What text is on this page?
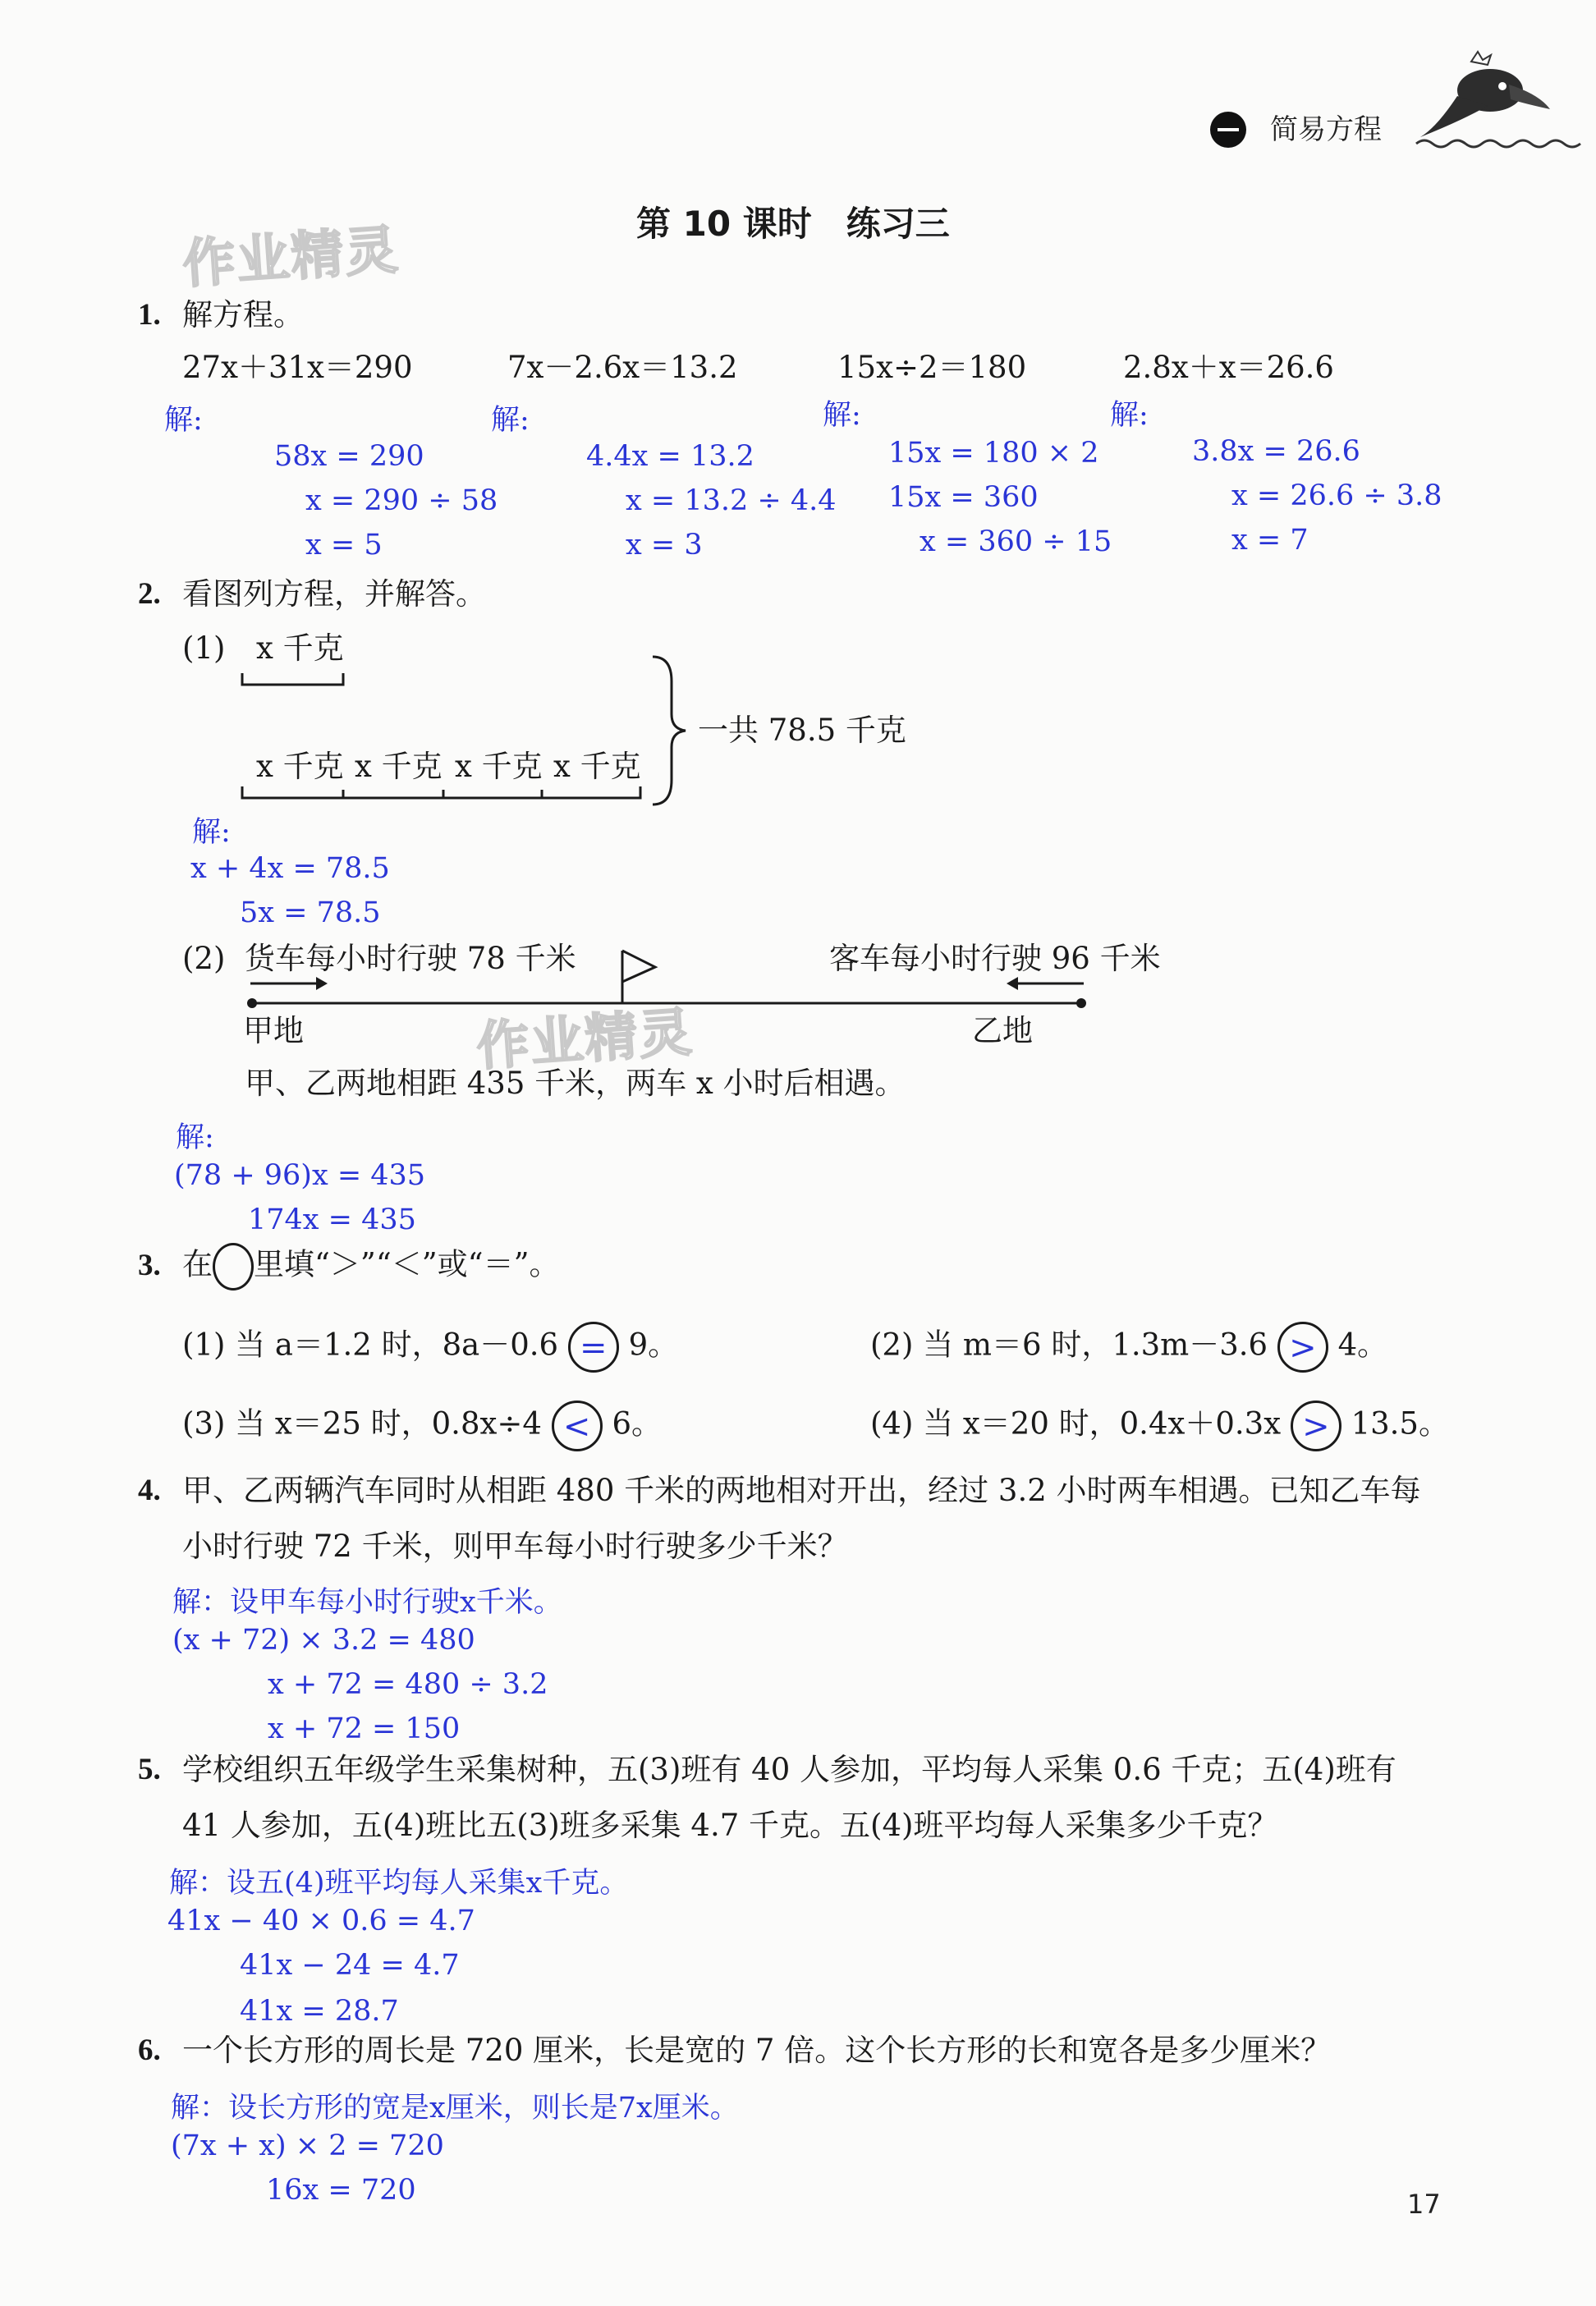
简易方程
作业精灵
作业精灵
第 10 课时　练习三
1. 解方程。
27x＋31x＝290	7x－2.6x＝13.2	15x÷2＝180	2.8x＋x＝26.6
解:
58x = 290
x = 290 ÷ 58
x = 5
解:
4.4x = 13.2
x = 13.2 ÷ 4.4
x = 3
解:
15x = 180 × 2
15x = 360
x = 360 ÷ 15
解:
3.8x = 26.6
x = 26.6 ÷ 3.8
x = 7
2. 看图列方程，并解答。
(1) x 千克
x 千克 x 千克 x 千克 x 千克
一共 78.5 千克
解:
x + 4x = 78.5
5x = 78.5
(2) 货车每小时行驶 78 千米	客车每小时行驶 96 千米
甲地	乙地
甲、乙两地相距 435 千米，两车 x 小时后相遇。
解:
(78 + 96)x = 435
174x = 435
3. 在 里填“＞”“＜”或“＝”。
(1) 当 a＝1.2 时，8a－0.6 = 9。	(2) 当 m＝6 时，1.3m－3.6 > 4。
(3) 当 x＝25 时，0.8x÷4 < 6。	(4) 当 x＝20 时，0.4x＋0.3x > 13.5。
4. 甲、乙两辆汽车同时从相距 480 千米的两地相对开出，经过 3.2 小时两车相遇。已知乙车每
小时行驶 72 千米，则甲车每小时行驶多少千米？
解：设甲车每小时行驶x千米。
(x + 72) × 3.2 = 480
x + 72 = 480 ÷ 3.2
x + 72 = 150
5. 学校组织五年级学生采集树种，五(3)班有 40 人参加，平均每人采集 0.6 千克；五(4)班有
41 人参加，五(4)班比五(3)班多采集 4.7 千克。五(4)班平均每人采集多少千克？
解：设五(4)班平均每人采集x千克。
41x − 40 × 0.6 = 4.7
41x − 24 = 4.7
41x = 28.7
6. 一个长方形的周长是 720 厘米，长是宽的 7 倍。这个长方形的长和宽各是多少厘米？
解：设长方形的宽是x厘米，则长是7x厘米。
(7x + x) × 2 = 720
16x = 720	17
